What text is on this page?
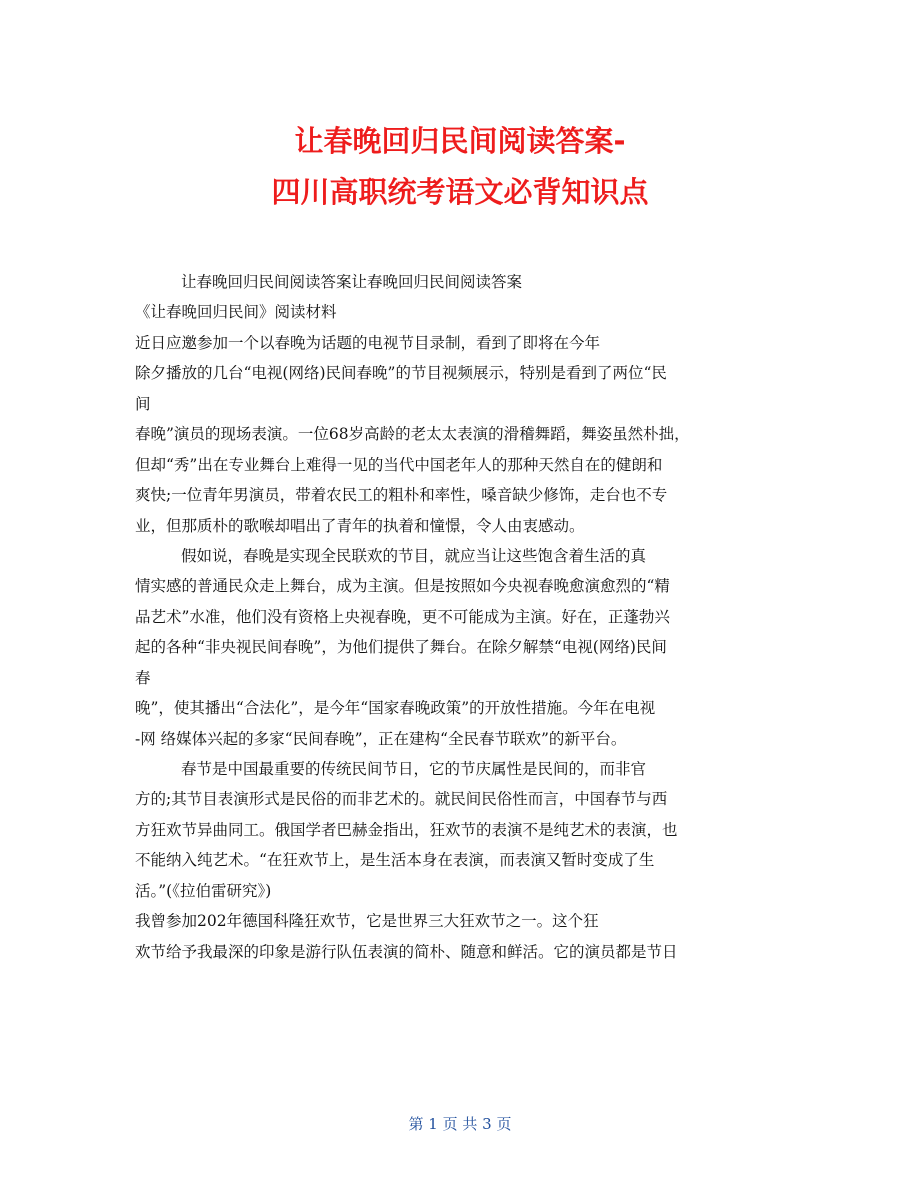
让春晚回归民间阅读答案-
四川高职统考语文必背知识点
让春晚回归民间阅读答案让春晚回归民间阅读答案
《让春晚回归民间》阅读材料
近日应邀参加一个以春晚为话题的电视节目录制，看到了即将在今年
除夕播放的几台“电视(网络)民间春晚”的节目视频展示，特别是看到了两位“民
间
春晚”演员的现场表演。一位68岁高龄的老太太表演的滑稽舞蹈，舞姿虽然朴拙，
但却“秀”出在专业舞台上难得一见的当代中国老年人的那种天然自在的健朗和
爽快;一位青年男演员，带着农民工的粗朴和率性，嗓音缺少修饰，走台也不专
业，但那质朴的歌喉却唱出了青年的执着和憧憬，令人由衷感动。
假如说，春晚是实现全民联欢的节目，就应当让这些饱含着生活的真
情实感的普通民众走上舞台，成为主演。但是按照如今央视春晚愈演愈烈的“精
品艺术”水准，他们没有资格上央视春晚，更不可能成为主演。好在，正蓬勃兴
起的各种“非央视民间春晚”，为他们提供了舞台。在除夕解禁“电视(网络)民间
春
晚”，使其播出“合法化”，是今年“国家春晚政策”的开放性措施。今年在电视
-网 络媒体兴起的多家“民间春晚”，正在建构“全民春节联欢”的新平台。
春节是中国最重要的传统民间节日，它的节庆属性是民间的，而非官
方的;其节目表演形式是民俗的而非艺术的。就民间民俗性而言，中国春节与西
方狂欢节异曲同工。俄国学者巴赫金指出，狂欢节的表演不是纯艺术的表演，也
不能纳入纯艺术。“在狂欢节上，是生活本身在表演，而表演又暂时变成了生
活。”(《拉伯雷研究》)
我曾参加202年德国科隆狂欢节，它是世界三大狂欢节之一。这个狂
欢节给予我最深的印象是游行队伍表演的简朴、随意和鲜活。它的演员都是节日
第 1 页 共 3 页
